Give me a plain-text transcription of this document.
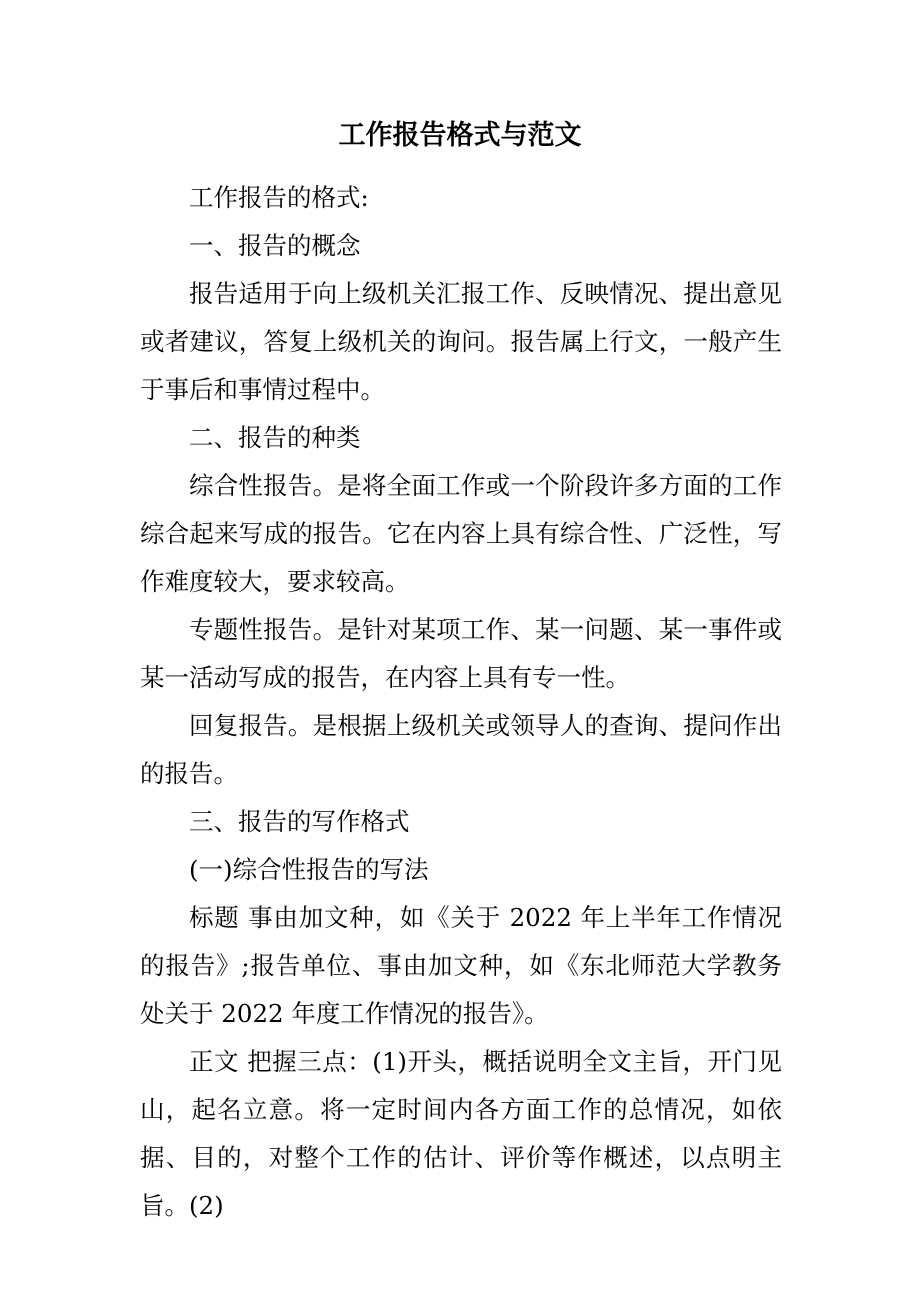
工作报告格式与范文

工作报告的格式:

一、报告的概念

报告适用于向上级机关汇报工作、反映情况、提出意见或者建议，答复上级机关的询问。报告属上行文，一般产生于事后和事情过程中。

二、报告的种类

综合性报告。是将全面工作或一个阶段许多方面的工作综合起来写成的报告。它在内容上具有综合性、广泛性，写作难度较大，要求较高。

专题性报告。是针对某项工作、某一问题、某一事件或某一活动写成的报告，在内容上具有专一性。

回复报告。是根据上级机关或领导人的查询、提问作出的报告。

三、报告的写作格式

(一)综合性报告的写法

标题 事由加文种，如《关于 2022 年上半年工作情况的报告》;报告单位、事由加文种，如《东北师范大学教务处关于 2022 年度工作情况的报告》。

正文 把握三点：(1)开头，概括说明全文主旨，开门见山，起名立意。将一定时间内各方面工作的总情况，如依据、目的，对整个工作的估计、评价等作概述，以点明主旨。(2)
